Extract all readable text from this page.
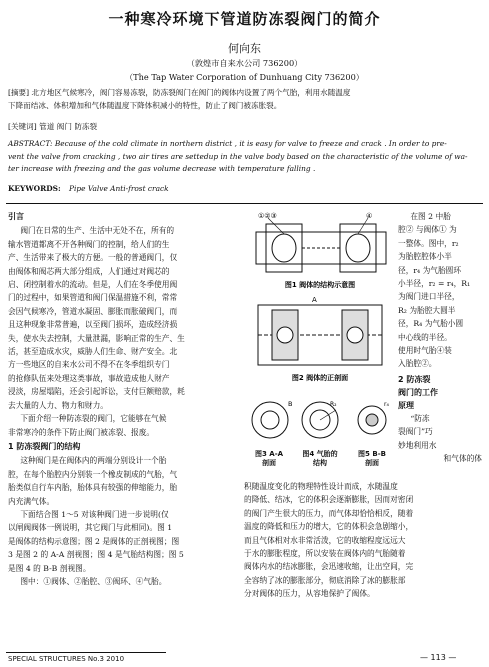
一种寒冷环境下管道防冻裂阀门的简介
何向东
（敦煌市自来水公司 736200）
（The Tap Water Corporation of Dunhuang City 736200）
[摘要] 北方地区气候寒冷，阀门容易冻裂，防冻裂阀门在阀门的阀体内设置了两个气胎，利用水随温度
下降而结冰、体积增加和气体随温度下降体积减小的特性，防止了阀门被冻胀裂。
[关键词] 管道 阀门 防冻裂
ABSTRACT: Because of the cold climate in northern district , it is easy for valve to freeze and crack . In order to pre-
vent the valve from cracking , two air tires are settedup in the valve body based on the characteristic of the volume of wa-
ter increase with freezing and the gas volume decrease with temperature falling .
KEYWORDS: Pipe Valve Anti-frost crack
引言
阀门在日常的生产、生活中无处不在，所有的
输水管道都离不开各种阀门的控制，给人们的生
产、生活带来了极大的方便。一般的普通阀门，仅
由阀体和阀芯两大部分组成，人们通过对阀芯的
启、闭控制着水的流动。但是，人们在冬季使用阀
门的过程中，如果管道和阀门保温措施不利，常常
会因气候寒冷，管道水凝固、膨胀而胀破阀门，而
且这种现象非常普遍，以至阀门损坏，造成经济损
失，使水失去控制，大量泄漏，影响正常的生产、生
活，甚至造成水灾，威胁人们生命、财产安全。北
方一些地区的自来水公司不得不在冬季组织专门
的抢修队伍来处理这类事故，事故造成他人财产
浸淡，房屋塌陷，还会引起诉讼，支付巨额赔款，耗
去大量的人力、物力和财力。
下面介绍一种防冻裂的阀门，它能够在气候
非常寒冷的条件下防止阀门被冻裂、报废。
1 防冻裂阀门的结构
这种阀门是在阀体内的两端分别设计一个胎
腔，在每个胎腔内分别装一个橡皮制成的气胎，气
胎类似自行车内胎，胎体具有较强的伸缩能力，胎
内充满气体。
下面结合图 1～5 对该种阀门进一步说明(仅
以闸阀阀体一例说明，其它阀门与此相同)。图 1
是阀体的结构示意图；图 2 是阀体的正剖视图；图
3 是图 2 的 A-A 剖视图；图 4 是气胎结构图；图 5
是图 4 的 B-B 剖视图。
图中：①阀体、②胎腔、③阀环、④气胎。
①②③	④
图1 阀体的结构示意图
A
图2 阀体的正剖面
B	R₂	r₄
图3 A-A
剖面
图4 气胎的
结构
图5 B-B
剖面
在图 2 中胎
腔② 与阀体① 为
一整体。图中，r₂
为胎腔腔体小半
径，r₄ 为气胎圆环
小半径，r₂ = r₄，R₁
为阀门进口半径，
R₂ 为胎腔大圆半
径，R₄ 为气胎小圆
中心线的半径。
使用时气胎④装
入胎腔②。
2 防冻裂
阀门的工作
原理
“防冻
裂阀门”巧
妙地利用水
和气体的体
积随温度变化的物理特性设计而成，水随温度
的降低、结冰，它的体积会逐渐膨胀，因而对密闭
的阀门产生很大的压力，而气体却恰恰相反，随着
温度的降低和压力的增大，它的体积会急剧缩小，
而且气体相对水非常活泼，它的收缩程度远远大
于水的膨胀程度，所以安装在阀体内的气胎随着
阀体内水的结冰膨胀，会迅速收缩，让出空间，完
全容纳了冰的膨胀部分，彻底消除了冰的膨胀部
分对阀体的压力，从容地保护了阀体。
SPECIAL STRUCTURES No.3 2010	— 113 —
